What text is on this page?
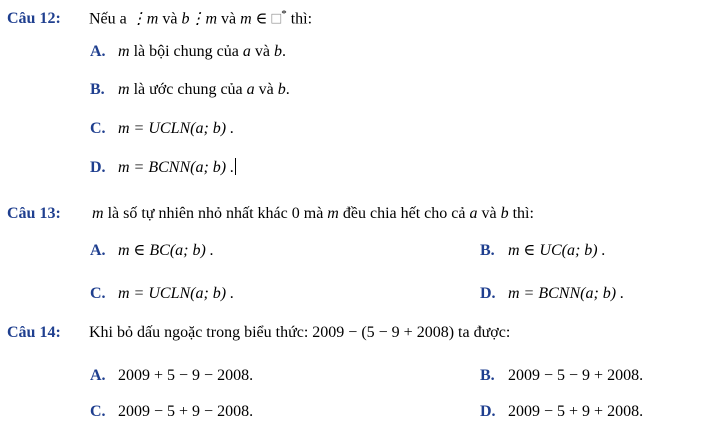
Câu 12: Nếu a ⋮m và b⋮m và m ∈ □* thì:
A. m là bội chung của a và b.
B. m là ước chung của a và b.
C. m = UCLN(a; b) .
D. m = BCNN(a; b) .
Câu 13: m là số tự nhiên nhỏ nhất khác 0 mà m đều chia hết cho cả a và b thì:
A. m ∈ BC(a; b) .	B. m ∈ UC(a; b) .
C. m = UCLN(a; b) .	D. m = BCNN(a; b) .
Câu 14: Khi bỏ dấu ngoặc trong biểu thức: 2009 − (5 − 9 + 2008) ta được:
A. 2009 + 5 − 9 − 2008.	B. 2009 − 5 − 9 + 2008.
C. 2009 − 5 + 9 − 2008.	D. 2009 − 5 + 9 + 2008.
